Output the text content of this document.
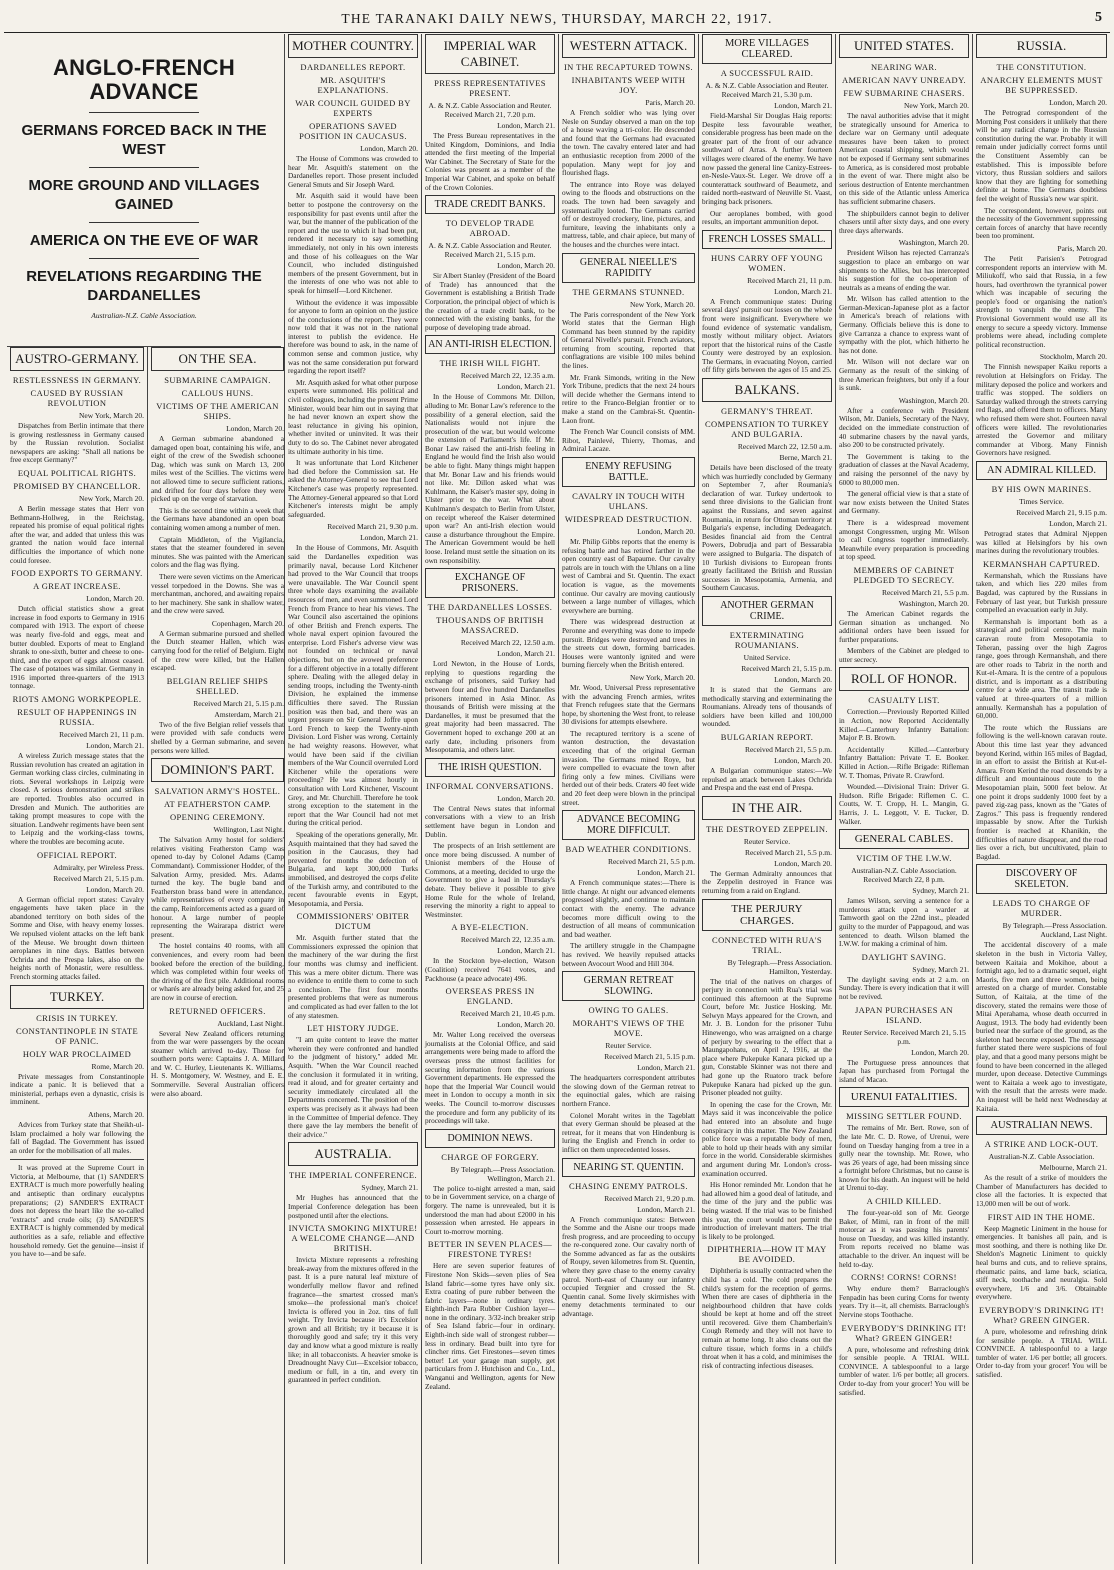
THE TARANAKI DAILY NEWS, THURSDAY, MARCH 22, 1917.	5
ANGLO-FRENCH ADVANCE
GERMANS FORCED BACK IN THE WEST
MORE GROUND AND VILLAGES GAINED
AMERICA ON THE EVE OF WAR
REVELATIONS REGARDING THE DARDANELLES
Australian-N.Z. Cable Association.
AUSTRO-GERMANY.
RESTLESSNESS IN GERMANY.
CAUSED BY RUSSIAN REVOLUTION
New York, March 20.

Dispatches from Berlin intimate that there is growing restlessness in Germany caused by the Russian revolution. Socialist newspapers are asking: "Shall all nations be free except Germany?"

EQUAL POLITICAL RIGHTS.
PROMISED BY CHANCELLOR.
New York, March 20.

A Berlin message states that Herr von Bethmann-Hollweg, in the Reichstag, repeated his promise of equal political rights after the war, and added that unless this was granted the nation would face internal difficulties the importance of which none could foresee.

FOOD EXPORTS TO GERMANY.
A GREAT INCREASE.
London, March 20.

Dutch official statistics show a great increase in food exports to Germany in 1916 compared with 1913. The export of cheese was nearly five-fold and eggs, meat and butter doubled. Exports of meat to England shrank to one-sixth, butter and cheese to one-third, and the export of eggs almost ceased. The case of potatoes was similar. Germany in 1916 imported three-quarters of the 1913 tonnage.

RIOTS AMONG WORKPEOPLE.
RESULT OF HAPPENINGS IN RUSSIA.
Received March 21, 11 p.m.
London, March 21.

A wireless Zurich message states that the Russian revolution has created an agitation in German working class circles, culminating in riots. Several workshops in Leipzig were closed. A serious demonstration and strikes are reported. Troubles also occurred in Dresden and Munich. The authorities are taking prompt measures to cope with the situation. Landwehr regiments have been sent to Leipzig and the working-class towns, where the troubles are becoming acute.

OFFICIAL REPORT.
Admiralty, per Wireless Press.
Received March 21, 5.15 p.m.
London, March 20.

A German official report states: Cavalry engagements have taken place in the abandoned territory on both sides of the Somme and Oise, with heavy enemy losses. We repulsed violent attacks on the left bank of the Meuse. We brought down thirteen aeroplanes in nine days. Battles between Ochrida and the Prespa lakes, also on the heights north of Monastir, were resultless. French storming attacks failed.

TURKEY.
CRISIS IN TURKEY.
CONSTANTINOPLE IN STATE OF PANIC.
HOLY WAR PROCLAIMED
Rome, March 20.

Private messages from Constantinople indicate a panic. It is believed that a ministerial, perhaps even a dynastic, crisis is imminent.

Athens, March 20.

Advices from Turkey state that Sheikh-ul-Islam proclaimed a holy war following the fall of Bagdad. The Government has issued an order for the mobilisation of all males.

It was proved at the Supreme Court in Victoria, at Melbourne, that (1) SANDER'S EXTRACT is much more powerfully healing and antiseptic than ordinary eucalyptus preparations; (2) SANDER'S EXTRACT does not depress the heart like the so-called "extracts" and crude oils; (3) SANDER'S EXTRACT is highly commended by medical authorities as a safe, reliable and effective household remedy. Get the genuine—insist if you have to—and be safe.

ON THE SEA.
SUBMARINE CAMPAIGN.
CALLOUS HUNS.
VICTIMS OF THE AMERICAN SHIPS.
London, March 20.

A German submarine abandoned a damaged open boat, containing his wife, and eight of the crew of the Swedish schooner Dag, which was sunk on March 13, 200 miles west of the Scillies. The victims were not allowed time to secure sufficient rations, and drifted for four days before they were picked up on the verge of starvation.

This is the second time within a week that the Germans have abandoned an open boat containing women among a number of men.

Captain Middleton, of the Vigilancia, states that the steamer foundered in seven minutes. She was painted with the American colors and the flag was flying.

There were seven victims on the American vessel torpedoed in the Downs. She was a merchantman, anchored, and awaiting repairs to her machinery. She sank in shallow water, and the crew were saved.

Copenhagen, March 20.

A German submarine pursued and shelled the Dutch steamer Hallen, which was carrying food for the relief of Belgium. Eight of the crew were killed, but the Hallen escaped.

BELGIAN RELIEF SHIPS SHELLED.
Received March 21, 5.15 p.m.
Amsterdam, March 21.

Two of the five Belgian relief vessels that were provided with safe conducts were shelled by a German submarine, and seven persons were killed.

DOMINION'S PART.
SALVATION ARMY'S HOSTEL.
AT FEATHERSTON CAMP.
OPENING CEREMONY.
Wellington, Last Night.

The Salvation Army hostel for soldiers' relatives visiting Featherston Camp was opened to-day by Colonel Adams (Camp Commandant). Commissioner Hodder, of the Salvation Army, presided. Mrs. Adams turned the key. The bugle band and Featherston brass band were in attendance, while representatives of every company in the camp, Reinforcements acted as a guard of honour. A large number of people representing the Wairarapa district were present.

The hostel contains 40 rooms, with all conveniences, and every room had been booked before the erection of the building, which was completed within four weeks of the driving of the first pile. Additional rooms or wharés are already being asked for, and 25 are now in course of erection.

RETURNED OFFICERS.
Auckland, Last Night.

Several New Zealand officers returning from the war were passengers by the ocean steamer which arrived to-day. Those for southern ports were: Captains J. A. Millard and W. C. Hurley, Lieutenants K. Williams, H. S. Montgomery, W. Westney, and E. E. Sommerville. Several Australian officers were also aboard.

MOTHER COUNTRY.
DARDANELLES REPORT.
MR. ASQUITH'S EXPLANATIONS.
WAR COUNCIL GUIDED BY EXPERTS
OPERATIONS SAVED POSITION IN CAUCASUS.
London, March 20.

The House of Commons was crowded to hear Mr. Asquith's statement on the Dardanelles report. Those present included General Smuts and Sir Joseph Ward.

Mr. Asquith said it would have been better to postpone the controversy on the responsibility for past events until after the war, but the manner of the publication of the report and the use to which it had been put, rendered it necessary to say something immediately, not only in his own interests and those of his colleagues on the War Council, who included distinguished members of the present Government, but in the interests of one who was not able to speak for himself—Lord Kitchener.

Without the evidence it was impossible for anyone to form an opinion on the justice of the conclusions of the report. They were now told that it was not in the national interest to publish the evidence. He therefore was bound to ask, in the name of common sense and common justice, why was not the same consideration put forward regarding the report itself?

Mr. Asquith asked for what other purpose experts were summoned. His political and civil colleagues, including the present Prime Minister, would bear him out in saying that he had never known an expert show the least reluctance in giving his opinion, whether invited or uninvited. It was their duty to do so. The Cabinet never abrogated its ultimate authority in his time.

It was unfortunate that Lord Kitchener had died before the Commission sat. He asked the Attorney-General to see that Lord Kitchener's case was properly represented. The Attorney-General appeared so that Lord Kitchener's interests might be amply safeguarded.

Received March 21, 9.30 p.m.
London, March 21.

In the House of Commons, Mr. Asquith said the Dardanelles expedition was primarily naval, because Lord Kitchener had proved to the War Council that troops were unavailable. The War Council spent three whole days examining the available resources of men, and even summoned Lord French from France to hear his views. The War Council also ascertained the opinions of other British and French experts. The whole naval expert opinion favoured the enterprise. Lord Fisher's adverse view was not founded on technical or naval objections, but on the avowed preference for a different objective in a totally different sphere. Dealing with the alleged delay in sending troops, including the Twenty-ninth Division, he explained the immense difficulties there saved. The Russian position was then bad, and there was an urgent pressure on Sir General Joffre upon Lord French to keep the Twenty-ninth Division. Lord Fisher was wrong. Certainly he had weighty reasons. However, what would have been said if the civilian members of the War Council overruled Lord Kitchener while the operations were proceeding? He was almost hourly in consultation with Lord Kitchener, Viscount Grey, and Mr. Churchill. Therefore he took strong exception to the statement in the report that the War Council had not met during the critical period.

Speaking of the operations generally, Mr. Asquith maintained that they had saved the position in the Caucasus, they had prevented for months the defection of Bulgaria, and kept 300,000 Turks immobilised, and destroyed the corps d'elite of the Turkish army, and contributed to the recent favourable events in Egypt, Mesopotamia, and Persia.

COMMISSIONERS' OBITER DICTUM

Mr. Asquith further stated that the Commissioners expressed the opinion that the machinery of the war during the first four months was clumsy and inefficient. This was a mere obiter dictum. There was no evidence to entitle them to come to such a conclusion. The first four months presented problems that were as numerous and complicated as had ever fallen to the lot of any statesmen.

LET HISTORY JUDGE.

"I am quite content to leave the matter wherein they were confronted and handled to the judgment of history," added Mr. Asquith. "When the War Council reached the conclusion it formulated it in writing, read it aloud, and for greater certainty and security immediately circulated all the Departments concerned. The position of the experts was precisely as it always had been in the Committee of Imperial defence. They there gave the lay members the benefit of their advice."

AUSTRALIA.
THE IMPERIAL CONFERENCE.
Sydney, March 21.

Mr Hughes has announced that the Imperial Conference delegation has been postponed until after the elections.

INVICTA SMOKING MIXTURE! A WELCOME CHANGE—AND BRITISH.

Invicta Mixture represents a refreshing break-away from the mixtures offered in the past. It is a pure natural leaf mixture of wonderfully mellow flavor and refined fragrance—the smartest crossed man's smoke—the professional man's choice! Invicta is offered you in 2oz. tins of full weight. Try Invicta because it's Excelsior grown and all British; try it because it is thoroughly good and safe; try it this very day and know what a good mixture is really like; in all tobacconists. A heavier smoke is Dreadnought Navy Cut—Excelsior tobacco, medium or full, in a tin, and every tin guaranteed in perfect condition.

IMPERIAL WAR CABINET.
PRESS REPRESENTATIVES PRESENT.
A. & N.Z. Cable Association and Reuter. Received March 21, 7.20 p.m.
London, March 21.

The Press Bureau representatives in the United Kingdom, Dominions, and India attended the first meeting of the Imperial War Cabinet. The Secretary of State for the Colonies was present as a member of the Imperial War Cabinet, and spoke on behalf of the Crown Colonies.

TRADE CREDIT BANKS.
TO DEVELOP TRADE ABROAD.
A. & N.Z. Cable Association and Reuter. Received March 21, 5.15 p.m.
London, March 20.

Sir Albert Stanley (President of the Board of Trade) has announced that the Government is establishing a British Trade Corporation, the principal object of which is the creation of a trade credit bank, to be connected with the existing banks, for the purpose of developing trade abroad.

AN ANTI-IRISH ELECTION.
THE IRISH WILL FIGHT.
Received March 22, 12.35 a.m.
London, March 21.

In the House of Commons Mr. Dillon, alluding to Mr. Bonar Law's reference to the possibility of a general election, said the Nationalists would not injure the prosecution of the war, but would welcome the extension of Parliament's life. If Mr. Bonar Law raised the anti-Irish feeling in England he would find the Irish also would be able to fight. Many things might happen that Mr. Bonar Law and his friends would not like. Mr. Dillon asked what was Kuhlmann, the Kaiser's master spy, doing in Ulster prior to the war. What about Kuhlmann's despatch to Berlin from Ulster, on receipt whereof the Kaiser determined upon war? An anti-Irish election would cause a disturbance throughout the Empire. The American Government would be hell loose. Ireland must settle the situation on its own responsibility.

EXCHANGE OF PRISONERS.
THE DARDANELLES LOSSES.
THOUSANDS OF BRITISH MASSACRED.
Received March 22, 12.50 a.m.
London, March 21.

Lord Newton, in the House of Lords, replying to questions regarding the exchange of prisoners, said Turkey had between four and five hundred Dardanelles prisoners interned in Asia Minor. As thousands of British were missing at the Dardanelles, it must be presumed that the great majority had been massacred. The Government hoped to exchange 200 at an early date, including prisoners from Mesopotamia, and others later.

THE IRISH QUESTION.
INFORMAL CONVERSATIONS.
London, March 20.

The Central News states that informal conversations with a view to an Irish settlement have begun in London and Dublin.

The prospects of an Irish settlement are once more being discussed. A number of Unionist members of the House of Commons, at a meeting, decided to urge the Government to give a lead in Thursday's debate. They believe it possible to give Home Rule for the whole of Ireland, reserving the minority a right to appeal to Westminster.

A BYE-ELECTION.
Received March 22, 12.35 a.m.
London, March 21.

In the Stockton bye-election, Watson (Coalition) received 7641 votes, and Packhouse (a peace advocate) 496.

OVERSEAS PRESS IN ENGLAND.
Received March 21, 10.45 p.m.
London, March 20.

Mr. Walter Long received the overseas journalists at the Colonial Office, and said arrangements were being made to afford the overseas press the utmost facilities for securing information from the various Government departments. He expressed the hope that the Imperial War Council would meet in London to occupy a month in six weeks. The Council to-morrow discusses the procedure and form any publicity of its proceedings will take.

DOMINION NEWS.
CHARGE OF FORGERY.
By Telegraph.—Press Association. Wellington, March 21.

The police to-night arrested a man, said to be in Government service, on a charge of forgery. The name is unrevealed, but it is understood the man had about £2000 in his possession when arrested. He appears in Court to-morrow morning.

BETTER IN SEVEN PLACES—FIRESTONE TYRES!

Here are seven superior features of Firestone Non Skids—seven plies of Sea Island fabric—some tyres have only six. Extra coating of pure rubber between the fabric layers—none in ordinary tyres. Eighth-inch Para Rubber Cushion layer—none in the ordinary. 3/32-inch breaker strip of Sea Island fabric—four in ordinary. Eighth-inch side wall of strongest rubber—less in ordinary. Bead built into tyre for clincher rims. Get Firestones—seven times better! Let your garage man supply, get particulars from J. Hutchison and Co., Ltd., Wanganui and Wellington, agents for New Zealand.

WESTERN ATTACK.
IN THE RECAPTURED TOWNS.
INHABITANTS WEEP WITH JOY.
Paris, March 20.

A French soldier who was lying over Nesle on Sunday observed a man on the top of a house waving a tri-color. He descended and found that the Germans had evacuated the town. The cavalry entered later and had an enthusiastic reception from 2000 of the population. Many wept for joy and flourished flags.

The entrance into Roye was delayed owing to the floods and obstructions on the roads. The town had been savagely and systematically looted. The Germans carried off or destroyed crockery, line, pictures, and furniture, leaving the inhabitants only a mattress, table, and chair apiece, but many of the houses and the churches were intact.

GENERAL NIEELLE'S RAPIDITY
THE GERMANS STUNNED.
New York, March 20.

The Paris correspondent of the New York World states that the German High Command has been stunned by the rapidity of General Nivelle's pursuit. French aviators, returning from scouting, reported that conflagrations are visible 100 miles behind the lines.

Mr. Frank Simonds, writing in the New York Tribune, predicts that the next 24 hours will decide whether the Germans intend to retire to the Franco-Belgian frontier or to make a stand on the Cambrai-St. Quentin-Laon front.

The French War Council consists of MM. Ribot, Painlevé, Thierry, Thomas, and Admiral Lacaze.

ENEMY REFUSING BATTLE.
CAVALRY IN TOUCH WITH UHLANS.
WIDESPREAD DESTRUCTION.
London, March 20.

Mr. Philip Gibbs reports that the enemy is refusing battle and has retired farther in the open country east of Bapaume. Our cavalry patrols are in touch with the Uhlans on a line west of Cambrai and St. Quentin. The exact location is vague, as the movements continue. Our cavalry are moving cautiously between a large number of villages, which everywhere are burning.

There was widespread destruction at Peronne and everything was done to impede pursuit. Bridges were destroyed and trees in the streets cut down, forming barricades. Houses were wantonly ignited and were burning fiercely when the British entered.

New York, March 20.

Mr. Wood, Universal Press representative with the advancing French armies, writes that French refugees state that the Germans hope, by shortening the West front, to release 30 divisions for attempts elsewhere.

The recaptured territory is a scene of wanton destruction, the devastation exceeding that of the original German invasion. The Germans mined Roye, but were compelled to evacuate the town after firing only a few mines. Civilians were herded out of their beds. Craters 40 feet wide and 20 feet deep were blown in the principal street.

ADVANCE BECOMING MORE DIFFICULT.
BAD WEATHER CONDITIONS.
Received March 21, 5.5 p.m.
London, March 21.

A French communique states:—There is little change. At night our advanced elements progressed slightly, and continue to maintain contact with the enemy. The advance becomes more difficult owing to the destruction of all means of communication and bad weather.

The artillery struggle in the Champagne has revived. We heavily repulsed attacks between Avocourt Wood and Hill 304.

GERMAN RETREAT SLOWING.
OWING TO GALES.
MORAHT'S VIEWS OF THE MOVE.
Reuter Service.
Received March 21, 5.15 p.m.
London, March 21.

The headquarters correspondent attributes the slowing down of the German retreat to the equinoctial gales, which are raising northern France.

Colonel Moraht writes in the Tageblatt that every German should be pleased at the retreat, for it means that von Hindenburg is luring the English and French in order to inflict on them unprecedented losses.

NEARING ST. QUENTIN.
CHASING ENEMY PATROLS.
Received March 21, 9.20 p.m.
London, March 21.

A French communique states: Between the Somme and the Aisne our troops made fresh progress, and are proceeding to occupy the re-conquered zone. Our cavalry north of the Somme advanced as far as the outskirts of Roupy, seven kilometres from St. Quentin, where they gave chase to the enemy cavalry patrol. North-east of Chauny our infantry occupied Tergnier and crossed the St. Quentin canal. Some lively skirmishes with enemy detachments terminated to our advantage.

MORE VILLAGES CLEARED.
A SUCCESSFUL RAID.
A. & N.Z. Cable Association and Reuter. Received March 21, 5.30 p.m.
London, March 21.

Field-Marshal Sir Douglas Haig reports: Despite less favourable weather, considerable progress has been made on the greater part of the front of our advance southward of Arras. A further fourteen villages were cleared of the enemy. We have now passed the general line Canizy-Estrees-en-Nesle-Vaux-St. Leger. We drove off a counterattack southward of Beaumetz, and raided north-eastward of Neuville St. Vaast, bringing back prisoners.

Our aeroplanes bombed, with good results, an important ammunition depot.

FRENCH LOSSES SMALL.
HUNS CARRY OFF YOUNG WOMEN.
Received March 21, 11 p.m.
London, March 21.

A French communique states: During several days' pursuit our losses on the whole front were insignificant. Everywhere we found evidence of systematic vandalism, mostly without military object. Aviators report that the historical ruins of the Castle County were destroyed by an explosion. The Germans, in evacuating Noyon, carried off fifty girls between the ages of 15 and 25.

BALKANS.
GERMANY'S THREAT.
COMPENSATION TO TURKEY AND BULGARIA.
Received March 22, 12.50 a.m.
Berne, March 21.

Details have been disclosed of the treaty which was hurriedly concluded by Germany on September 7, after Roumania's declaration of war. Turkey undertook to send three divisions to the Galician front against the Russians, and seven against Roumania, in return for Ottoman territory at Bulgaria's expense, including Dedeagatch. Besides financial aid from the Central Powers, Dobrudja and part of Bessarabia were assigned to Bulgaria. The dispatch of 10 Turkish divisions to European fronts greatly facilitated the British and Russian successes in Mesopotamia, Armenia, and Southern Caucasus.

ANOTHER GERMAN CRIME.
EXTERMINATING ROUMANIANS.
United Service.
Received March 21, 5.15 p.m.
London, March 20.

It is stated that the Germans are methodically starving and exterminating the Roumanians. Already tens of thousands of soldiers have been killed and 100,000 wounded.

BULGARIAN REPORT.
Received March 21, 5.5 p.m.
London, March 20.

A Bulgarian communique states:—We repulsed an attack between Lakes Ochrida and Prespa and the east end of Prespa.

IN THE AIR.
THE DESTROYED ZEPPELIN.
Reuter Service.
Received March 21, 5.5 p.m.
London, March 20.

The German Admiralty announces that the Zeppelin destroyed in France was returning from a raid on England.

THE PERJURY CHARGES.
CONNECTED WITH RUA'S TRIAL.
By Telegraph.—Press Association. Hamilton, Yesterday.

The trial of the natives on charges of perjury in connection with Rua's trial was continued this afternoon at the Supreme Court, before Mr. Justice Hosking. Mr. Selwyn Mays appeared for the Crown, and Mr. J. B. London for the prisoner Tuhu Hinewengo, who was arraigned on a charge of perjury by swearing to the effect that a Maungapohatu, on April 2, 1916, at the place where Pukepuke Kanara picked up a gun, Constable Skinner was not there and had gone up the Ruatoro track before Pukepuke Kanara had picked up the gun. Prisoner pleaded not guilty.

In opening the case for the Crown, Mr. Mays said it was inconceivable the police had entered into an absolute and huge conspiracy in this matter. The New Zealand police force was a reputable body of men, able to hold up their heads with any similar force in the world. Considerable skirmishes and argument during Mr. London's cross-examination occurred.

His Honor reminded Mr. London that he had allowed him a good deal of latitude, and the time of the jury and the public was being wasted. If the trial was to be finished this year, the court would not permit the introduction of irrelevant matters. The trial is likely to be prolonged.

DIPHTHERIA—HOW IT MAY BE AVOIDED.

Diphtheria is usually contracted when the child has a cold. The cold prepares the child's system for the reception of germs. When there are cases of diphtheria in the neighbourhood children that have colds should be kept at home and off the street until recovered. Give them Chamberlain's Cough Remedy and they will not have to remain at home long. It also cleans out the culture tissue, which forms in a child's throat when it has a cold, and minimises the risk of contracting infectious diseases.

UNITED STATES.
NEARING WAR.
AMERICAN NAVY UNREADY.
FEW SUBMARINE CHASERS.
New York, March 20.

The naval authorities advise that it might be strategically unsound for America to declare war on Germany until adequate measures have been taken to protect American coastal shipping, which would not be exposed if Germany sent submarines to America, as is considered most probable in the event of war. There might also be serious destruction of Entente merchantmen on this side of the Atlantic unless America has sufficient submarine chasers.

The shipbuilders cannot begin to deliver chasers until after sixty days, and one every three days afterwards.

Washington, March 20.

President Wilson has rejected Carranza's suggestion to place an embargo on war shipments to the Allies, but has intercepted his suggestion for the co-operation of neutrals as a means of ending the war.

Mr. Wilson has called attention to the German-Mexican-Japanese plot as a factor in America's breach of relations with Germany. Officials believe this is done to give Carranza a chance to express want of sympathy with the plot, which hitherto he has not done.

Mr. Wilson will not declare war on Germany as the result of the sinking of three American freighters, but only if a four is sunk.

Washington, March 20.

After a conference with President Wilson, Mr. Daniels, Secretary of the Navy, decided on the immediate construction of 40 submarine chasers by the naval yards, also 200 to be constructed privately.

The Government is taking to the graduation of classes at the Naval Academy, and raising the personnel of the navy by 6000 to 80,000 men.

The general official view is that a state of war now exists between the United States and Germany.

There is a widespread movement amongst Congressmen, urging Mr. Wilson to call Congress together immediately. Meanwhile every preparation is proceeding at top speed.

MEMBERS OF CABINET PLEDGED TO SECRECY.
Received March 21, 5.5 p.m.
Washington, March 20.

The American Cabinet regards the German situation as unchanged. No additional orders have been issued for further preparations.

Members of the Cabinet are pledged to utter secrecy.

ROLL OF HONOR.
CASUALTY LIST.

Correction.—Previously Reported Killed in Action, now Reported Accidentally Killed.—Canterbury Infantry Battalion: Major P. B. Brown.

Accidentally Killed.—Canterbury Infantry Battalion: Private T. E. Booker. Killed in Action.—Rifle Brigade: Rifleman W. T. Thomas, Private R. Crawford.

Wounded.—Divisional Train: Driver G. Hudson. Rifle Brigade: Riflemen C. C. Coutts, W. T. Cropp, H. L. Mangin, G. Harris, J. L. Leggott, V. E. Tucker, D. Walker.

GENERAL CABLES.
VICTIM OF THE I.W.W.
Australian-N.Z. Cable Association. Received March 22, 8 p.m.
Sydney, March 21.

James Wilson, serving a sentence for a murderous attack upon a warder at Tamworth gaol on the 22nd inst., pleaded guilty to the murder of Pappagoud, and was sentenced to death. Wilson blamed the I.W.W. for making a criminal of him.

DAYLIGHT SAVING.
Sydney, March 21.

The daylight saving ends at 2 a.m. on Sunday. There is every indication that it will not be revived.

JAPAN PURCHASES AN ISLAND.
Reuter Service. Received March 21, 5.15 p.m.
London, March 20.

The Portuguese press announces that Japan has purchased from Portugal the island of Macao.

URENUI FATALITIES.
MISSING SETTLER FOUND.

The remains of Mr. Bert. Rowe, son of the late Mr. C. D. Rowe, of Urenui, were found on Tuesday hanging from a tree in a gully near the township. Mr. Rowe, who was 26 years of age, had been missing since a fortnight before Christmas, but no cause is known for his death. An inquest will be held at Urenui to-day.

A CHILD KILLED.

The four-year-old son of Mr. George Baker, of Mimi, ran in front of the mill motorcar as it was passing his parents' house on Tuesday, and was killed instantly. From reports received no blame was attachable to the driver. An inquest will be held to-day.

CORNS! CORNS! CORNS!

Why endure them? Barraclough's Fenpadin has been curing Corns for twenty years. Try it—it, all chemists. Barraclough's Nervine stops Toothache.

EVERYBODY'S DRINKING IT! What? GREEN GINGER!

A pure, wholesome and refreshing drink for sensible people. A TRIAL WILL CONVINCE. A tablespoonful to a large tumbler of water. 1/6 per bottle; all grocers. Order to-day from your grocer! You will be satisfied.

RUSSIA.
THE CONSTITUTION.
ANARCHY ELEMENTS MUST BE SUPPRESSED.
London, March 20.

The Petrograd correspondent of the Morning Post considers it unlikely that there will be any radical change in the Russian constitution during the war. Probably it will remain under judicially correct forms until the Constituent Assembly can be established. This is impossible before victory, thus Russian soldiers and sailors know that they are fighting for something definite at home. The Germans doubtless feel the weight of Russia's new war spirit.

The correspondent, however, points out the necessity of the Government suppressing certain forces of anarchy that have recently been too prominent.

Paris, March 20.

The Petit Parisien's Petrograd correspondent reports an interview with M. Miliukoff, who said that Russia, in a few hours, had overthrown the tyrannical power which was incapable of securing the people's food or organising the nation's strength to vanquish the enemy. The Provisional Government would use all its energy to secure a speedy victory. Immense problems were ahead, including complete political reconstruction.

Stockholm, March 20.

The Finnish newspaper Kaiku reports a revolution at Helsingfors on Friday. The military deposed the police and workers and traffic was stopped. The soldiers on Saturday walked through the streets carrying red flags, and offered them to officers. Many who refused them were shot. Fourteen naval officers were killed. The revolutionaries arrested the Governor and military commander at Viborg. Many Finnish Governors have resigned.

AN ADMIRAL KILLED.
BY HIS OWN MARINES.
Times Service.
Received March 21, 9.15 p.m.
London, March 21.

Petrograd states that Admiral Njeppen was killed at Helsingfors by his own marines during the revolutionary troubles.

KERMANSHAH CAPTURED.

Kermanshah, which the Russians have taken, and which lies 220 miles from Bagdad, was captured by the Russians in February of last year, but Turkish pressure compelled an evacuation early in July.

Kermanshah is important both as a strategical and political centre. The main caravan route from Mesopotamia to Teheran, passing over the high Zagros range, goes through Kermanshah, and there are other roads to Tabriz in the north and Kut-el-Amara. It is the centre of a populous district, and is important as a distributing centre for a wide area. The transit trade is valued at three-quarters of a million annually. Kermanshah has a population of 60,000.

The route which the Russians are following is the well-known caravan route. About this time last year they advanced beyond Kerind, within 165 miles of Bagdad, in an effort to assist the British at Kut-el-Amara. From Kerind the road descends by a difficult and mountainous route to the Mesopotamian plain, 5000 feet below. At one point it drops suddenly 1000 feet by a paved zig-zag pass, known as the "Gates of Zagros." This pass is frequently rendered impassable by snow. After the Turkish frontier is reached at Khanikin, the difficulties of nature disappear, and the road lies over a rich, but uncultivated, plain to Bagdad.

DISCOVERY OF SKELETON.
LEADS TO CHARGE OF MURDER.
By Telegraph.—Press Association. Auckland, Last Night.

The accidental discovery of a male skeleton in the bush in Victoria Valley, between Kaitaia and Mokihoe, about a fortnight ago, led to a dramatic sequel, eight Maoris, five men and three women, being arrested on a charge of murder. Constable Sutton, of Kaitaia, at the time of the discovery, stated the remains were those of Mitai Aperahama, whose death occurred in August, 1913. The body had evidently been buried near the surface of the ground, as the skeleton had become exposed. The message further stated there were suspicions of foul play, and that a good many persons might be found to have been concerned in the alleged murder, upon decease. Detective Cummings went to Kaitaia a week ago to investigate, with the result that the arrests were made. An inquest will be held next Wednesday at Kaitaia.

AUSTRALIAN NEWS.
A STRIKE AND LOCK-OUT.
Australian-N.Z. Cable Association.
Melbourne, March 21.

As the result of a strike of moulders the Chamber of Manufacturers has decided to close all the factories. It is expected that 13,000 men will be out of work.

FIRST AID IN THE HOME.

Keep Magnetic Liniment in the house for emergencies. It banishes all pain, and is most soothing, and there is nothing like Dr. Sheldon's Magnetic Liniment to quickly heal burns and cuts, and to relieve sprains, rheumatic pains, and lame back, sciatica, stiff neck, toothache and neuralgia. Sold everywhere, 1/6 and 3/6. Obtainable everywhere.

EVERYBODY'S DRINKING IT! What? GREEN GINGER.

A pure, wholesome and refreshing drink for sensible people. A TRIAL WILL CONVINCE. A tablespoonful to a large tumbler of water. 1/6 per bottle; all grocers. Order to-day from your grocer! You will be satisfied.
